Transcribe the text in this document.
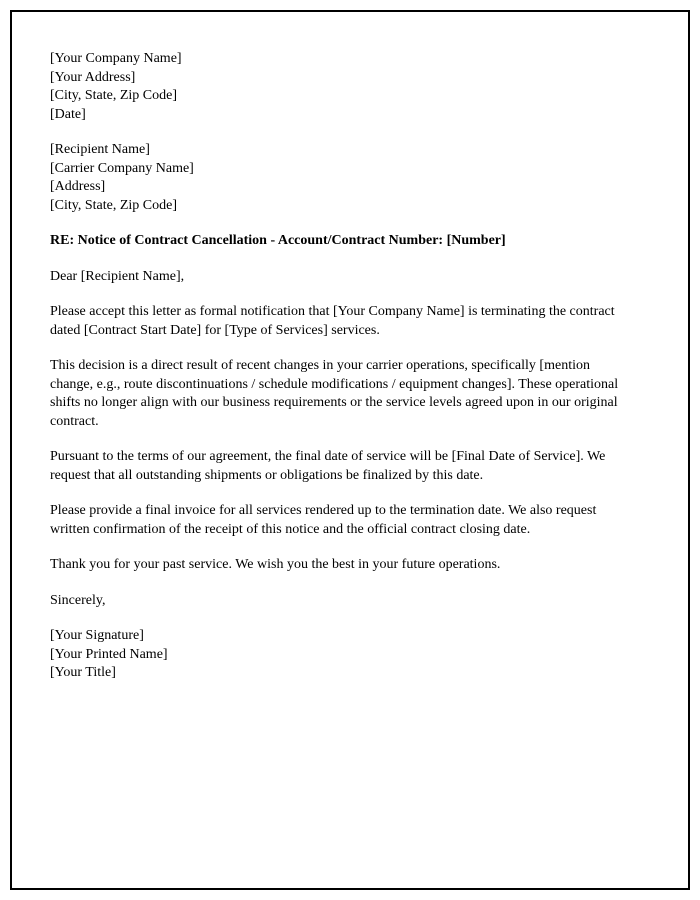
[Your Company Name]
[Your Address]
[City, State, Zip Code]
[Date]
[Recipient Name]
[Carrier Company Name]
[Address]
[City, State, Zip Code]
RE: Notice of Contract Cancellation - Account/Contract Number: [Number]
Dear [Recipient Name],
Please accept this letter as formal notification that [Your Company Name] is terminating the contract dated [Contract Start Date] for [Type of Services] services.
This decision is a direct result of recent changes in your carrier operations, specifically [mention change, e.g., route discontinuations / schedule modifications / equipment changes]. These operational shifts no longer align with our business requirements or the service levels agreed upon in our original contract.
Pursuant to the terms of our agreement, the final date of service will be [Final Date of Service]. We request that all outstanding shipments or obligations be finalized by this date.
Please provide a final invoice for all services rendered up to the termination date. We also request written confirmation of the receipt of this notice and the official contract closing date.
Thank you for your past service. We wish you the best in your future operations.
Sincerely,
[Your Signature]
[Your Printed Name]
[Your Title]
